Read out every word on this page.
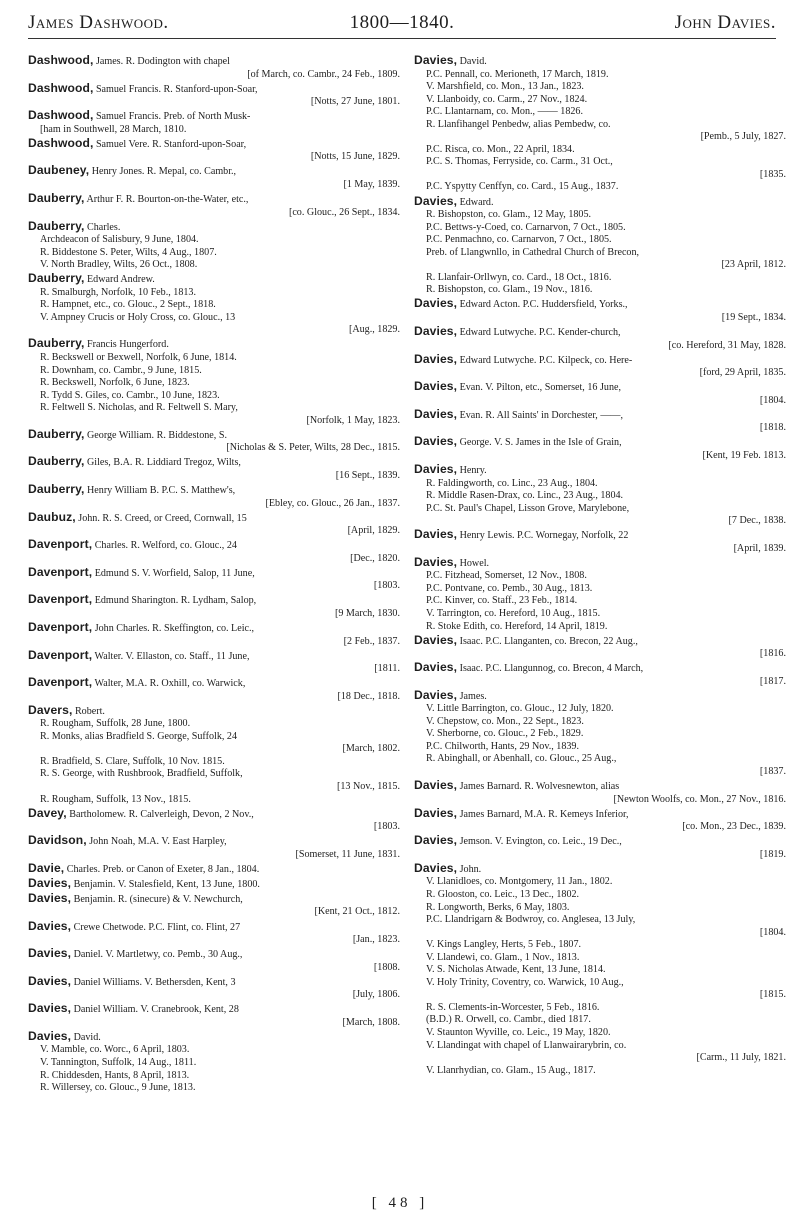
James Dashwood.	1800—1840.	John Davies.
Dashwood, James. R. Dodington with chapel
[of March, co. Cambr., 24 Feb., 1809.
Dashwood, Samuel Francis. R. Stanford-upon-Soar,
[Notts, 27 June, 1801.
Dashwood, Samuel Francis. Preb. of North Musk-
[ham in Southwell, 28 March, 1810.
Dashwood, Samuel Vere. R. Stanford-upon-Soar,
[Notts, 15 June, 1829.
Daubeney, Henry Jones. R. Mepal, co. Cambr.,
[1 May, 1839.
Dauberry, Arthur F. R. Bourton-on-the-Water, etc.,
[co. Glouc., 26 Sept., 1834.
Dauberry, Charles.
Archdeacon of Salisbury, 9 June, 1804.
R. Biddestone S. Peter, Wilts, 4 Aug., 1807.
V. North Bradley, Wilts, 26 Oct., 1808.
Dauberry, Edward Andrew.
R. Smalburgh, Norfolk, 10 Feb., 1813.
R. Hampnet, etc., co. Glouc., 2 Sept., 1818.
V. Ampney Crucis or Holy Cross, co. Glouc., 13
[Aug., 1829.
Dauberry, Francis Hungerford.
R. Beckswell or Bexwell, Norfolk, 6 June, 1814.
R. Downham, co. Cambr., 9 June, 1815.
R. Beckswell, Norfolk, 6 June, 1823.
R. Tydd S. Giles, co. Cambr., 10 June, 1823.
R. Feltwell S. Nicholas, and R. Feltwell S. Mary,
[Norfolk, 1 May, 1823.
Dauberry, George William. R. Biddestone, S.
[Nicholas & S. Peter, Wilts, 28 Dec., 1815.
Dauberry, Giles, B.A. R. Liddiard Tregoz, Wilts,
[16 Sept., 1839.
Dauberry, Henry William B. P.C. S. Matthew's,
[Ebley, co. Glouc., 26 Jan., 1837.
Daubuz, John. R. S. Creed, or Creed, Cornwall, 15
[April, 1829.
Davenport, Charles. R. Welford, co. Glouc., 24
[Dec., 1820.
Davenport, Edmund S. V. Worfield, Salop, 11 June,
[1803.
Davenport, Edmund Sharington. R. Lydham, Salop,
[9 March, 1830.
Davenport, John Charles. R. Skeffington, co. Leic.,
[2 Feb., 1837.
Davenport, Walter. V. Ellaston, co. Staff., 11 June,
[1811.
Davenport, Walter, M.A. R. Oxhill, co. Warwick,
[18 Dec., 1818.
Davers, Robert.
R. Rougham, Suffolk, 28 June, 1800.
R. Monks, alias Bradfield S. George, Suffolk, 24
[March, 1802.
R. Bradfield, S. Clare, Suffolk, 10 Nov. 1815.
R. S. George, with Rushbrook, Bradfield, Suffolk,
[13 Nov., 1815.
R. Rougham, Suffolk, 13 Nov., 1815.
Davey, Bartholomew. R. Calverleigh, Devon, 2 Nov.,
[1803.
Davidson, John Noah, M.A. V. East Harpley,
[Somerset, 11 June, 1831.
Davie, Charles. Preb. or Canon of Exeter, 8 Jan., 1804.
Davies, Benjamin. V. Stalesfield, Kent, 13 June, 1800.
Davies, Benjamin. R. (sinecure) & V. Newchurch,
[Kent, 21 Oct., 1812.
Davies, Crewe Chetwode. P.C. Flint, co. Flint, 27
[Jan., 1823.
Davies, Daniel. V. Martletwy, co. Pemb., 30 Aug.,
[1808.
Davies, Daniel Williams. V. Bethersden, Kent, 3
[July, 1806.
Davies, Daniel William. V. Cranebrook, Kent, 28
[March, 1808.
Davies, David.
V. Mamble, co. Worc., 6 April, 1803.
V. Tannington, Suffolk, 14 Aug., 1811.
R. Chiddesden, Hants, 8 April, 1813.
R. Willersey, co. Glouc., 9 June, 1813.
Davies, David.
P.C. Pennall, co. Merioneth, 17 March, 1819.
V. Marshfield, co. Mon., 13 Jan., 1823.
V. Llanboidy, co. Carm., 27 Nov., 1824.
P.C. Llantarnam, co. Mon., —— 1826.
R. Llanfihangel Penbedw, alias Pembedw, co.
[Pemb., 5 July, 1827.
P.C. Risca, co. Mon., 22 April, 1834.
P.C. S. Thomas, Ferryside, co. Carm., 31 Oct.,
[1835.
P.C. Yspytty Cenffyn, co. Card., 15 Aug., 1837.
Davies, Edward.
R. Bishopston, co. Glam., 12 May, 1805.
P.C. Bettws-y-Coed, co. Carnarvon, 7 Oct., 1805.
P.C. Penmachno, co. Carnarvon, 7 Oct., 1805.
Preb. of Llangwnllo, in Cathedral Church of Brecon,
[23 April, 1812.
R. Llanfair-Orllwyn, co. Card., 18 Oct., 1816.
R. Bishopston, co. Glam., 19 Nov., 1816.
Davies, Edward Acton. P.C. Huddersfield, Yorks.,
[19 Sept., 1834.
Davies, Edward Lutwyche. P.C. Kender-church,
[co. Hereford, 31 May, 1828.
Davies, Edward Lutwyche. P.C. Kilpeck, co. Here-
[ford, 29 April, 1835.
Davies, Evan. V. Pilton, etc., Somerset, 16 June,
[1804.
Davies, Evan. R. All Saints' in Dorchester, ——,
[1818.
Davies, George. V. S. James in the Isle of Grain,
[Kent, 19 Feb. 1813.
Davies, Henry.
R. Faldingworth, co. Linc., 23 Aug., 1804.
R. Middle Rasen-Drax, co. Linc., 23 Aug., 1804.
P.C. St. Paul's Chapel, Lisson Grove, Marylebone,
[7 Dec., 1838.
Davies, Henry Lewis. P.C. Wornegay, Norfolk, 22
[April, 1839.
Davies, Howel.
P.C. Fitzhead, Somerset, 12 Nov., 1808.
P.C. Pontvane, co. Pemb., 30 Aug., 1813.
P.C. Kinver, co. Staff., 23 Feb., 1814.
V. Tarrington, co. Hereford, 10 Aug., 1815.
R. Stoke Edith, co. Hereford, 14 April, 1819.
Davies, Isaac. P.C. Llanganten, co. Brecon, 22 Aug.,
[1816.
Davies, Isaac. P.C. Llangunnog, co. Brecon, 4 March,
[1817.
Davies, James.
V. Little Barrington, co. Glouc., 12 July, 1820.
V. Chepstow, co. Mon., 22 Sept., 1823.
V. Sherborne, co. Glouc., 2 Feb., 1829.
P.C. Chilworth, Hants, 29 Nov., 1839.
R. Abinghall, or Abenhall, co. Glouc., 25 Aug.,
[1837.
Davies, James Barnard. R. Wolvesnewton, alias
[Newton Woolfs, co. Mon., 27 Nov., 1816.
Davies, James Barnard, M.A. R. Kemeys Inferior,
[co. Mon., 23 Dec., 1839.
Davies, Jemson. V. Evington, co. Leic., 19 Dec.,
[1819.
Davies, John.
V. Llanidloes, co. Montgomery, 11 Jan., 1802.
R. Glooston, co. Leic., 13 Dec., 1802.
R. Longworth, Berks, 6 May, 1803.
P.C. Llandrigarn & Bodwroy, co. Anglesea, 13 July,
[1804.
V. Kings Langley, Herts, 5 Feb., 1807.
V. Llandewi, co. Glam., 1 Nov., 1813.
V. S. Nicholas Atwade, Kent, 13 June, 1814.
V. Holy Trinity, Coventry, co. Warwick, 10 Aug.,
[1815.
R. S. Clements-in-Worcester, 5 Feb., 1816.
(B.D.) R. Orwell, co. Cambr., died 1817.
V. Staunton Wyville, co. Leic., 19 May, 1820.
V. Llandingat with chapel of Llanwairarybrin, co.
[Carm., 11 July, 1821.
V. Llanrhydian, co. Glam., 15 Aug., 1817.
[ 48 ]
